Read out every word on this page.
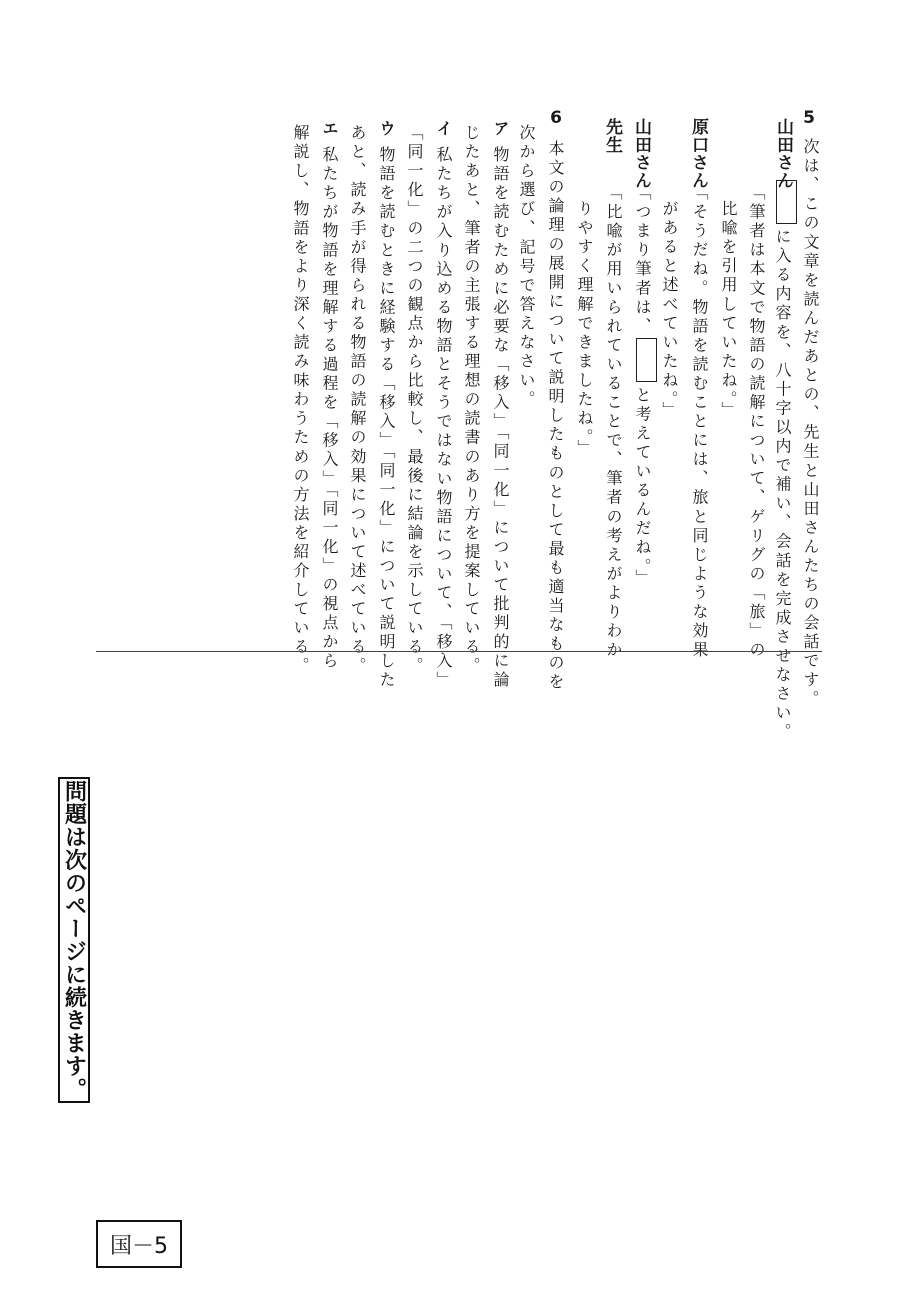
5
次は、この文章を読んだあとの、先生と山田さんたちの会話です。
山田さん
に入る内容を、八十字以内で補い、会話を完成させなさい。
「筆者は本文で物語の読解について、ゲリグの「旅」の
比喩を引用していたね。」
原口さん
「そうだね。物語を読むことには、旅と同じような効果
があると述べていたね。」
山田さん
「つまり筆者は、と考えているんだね。」
先生
「比喩が用いられていることで、筆者の考えがよりわか
りやすく理解できましたね。」
6
本文の論理の展開について説明したものとして最も適当なものを
次から選び、記号で答えなさい。
ア
物語を読むために必要な「移入」「同一化」について批判的に論
じたあと、筆者の主張する理想の読書のあり方を提案している。
イ
私たちが入り込める物語とそうではない物語について、「移入」
「同一化」の二つの観点から比較し、最後に結論を示している。
ウ
物語を読むときに経験する「移入」「同一化」について説明した
あと、読み手が得られる物語の読解の効果について述べている。
エ
私たちが物語を理解する過程を「移入」「同一化」の視点から
解説し、物語をより深く読み味わうための方法を紹介している。
問題は次のページに続きます。
国－5
